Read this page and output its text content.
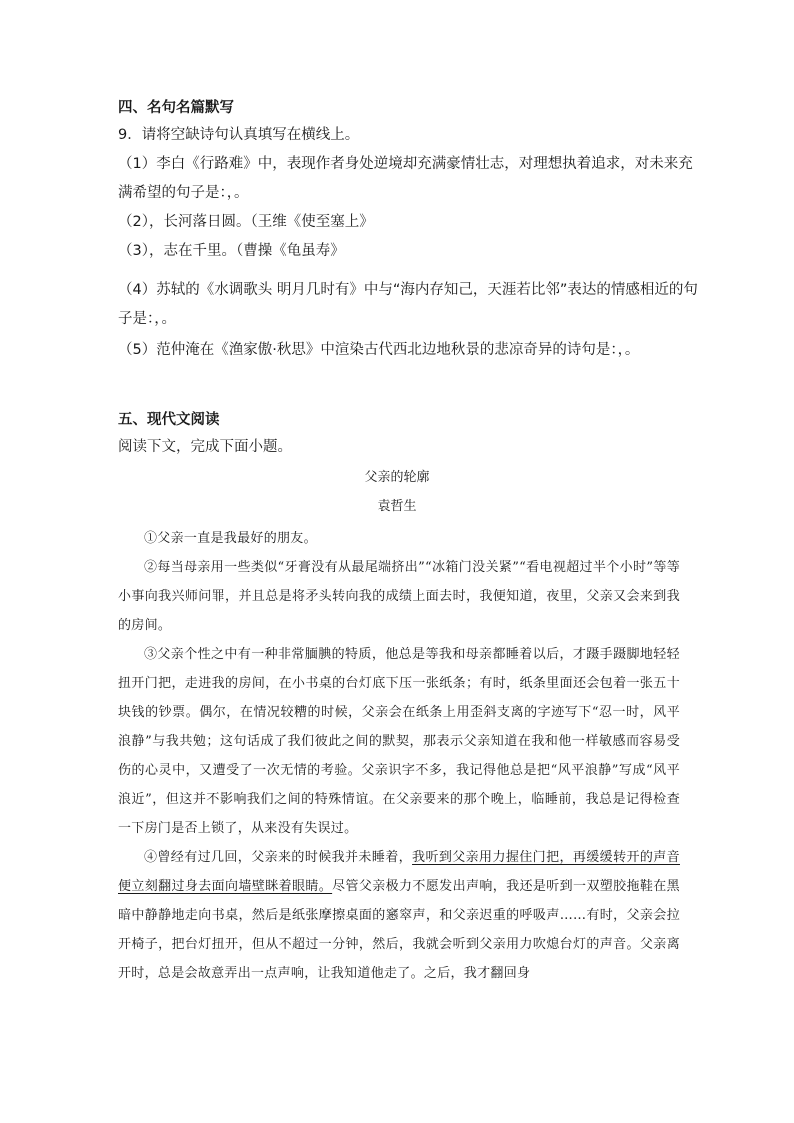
四、名句名篇默写
9．请将空缺诗句认真填写在横线上。
（1）李白《行路难》中，表现作者身处逆境却充满豪情壮志，对理想执着追求，对未来充
满希望的句子是：，。
（2），长河落日圆。（王维《使至塞上》
（3），志在千里。（曹操《龟虽寿》
（4）苏轼的《水调歌头 明月几时有》中与“海内存知己，天涯若比邻”表达的情感相近的句
子是：，。
（5）范仲淹在《渔家傲·秋思》中渲染古代西北边地秋景的悲凉奇异的诗句是：，。
五、现代文阅读
阅读下文，完成下面小题。
父亲的轮廓
袁哲生

①父亲一直是我最好的朋友。

②每当母亲用一些类似“牙膏没有从最尾端挤出”“冰箱门没关紧”“看电视超过半个小时”等等小事向我兴师问罪，并且总是将矛头转向我的成绩上面去时，我便知道，夜里，父亲又会来到我的房间。

③父亲个性之中有一种非常腼腆的特质，他总是等我和母亲都睡着以后，才蹑手蹑脚地轻轻扭开门把，走进我的房间，在小书桌的台灯底下压一张纸条；有时，纸条里面还会包着一张五十块钱的钞票。偶尔，在情况较糟的时候，父亲会在纸条上用歪斜支离的字迹写下“忍一时，风平浪静”与我共勉；这句话成了我们彼此之间的默契，那表示父亲知道在我和他一样敏感而容易受伤的心灵中，又遭受了一次无情的考验。父亲识字不多，我记得他总是把“风平浪静”写成“风平浪近”，但这并不影响我们之间的特殊情谊。在父亲要来的那个晚上，临睡前，我总是记得检查一下房门是否上锁了，从来没有失误过。

④曾经有过几回，父亲来的时候我并未睡着，我听到父亲用力握住门把，再缓缓转开的声音便立刻翻过身去面向墙壁眯着眼睛。尽管父亲极力不愿发出声响，我还是听到一双塑胶拖鞋在黑暗中静静地走向书桌，然后是纸张摩擦桌面的窸窣声，和父亲迟重的呼吸声……有时，父亲会拉开椅子，把台灯扭开，但从不超过一分钟，然后，我就会听到父亲用力吹熄台灯的声音。父亲离开时，总是会故意弄出一点声响，让我知道他走了。之后，我才翻回身
